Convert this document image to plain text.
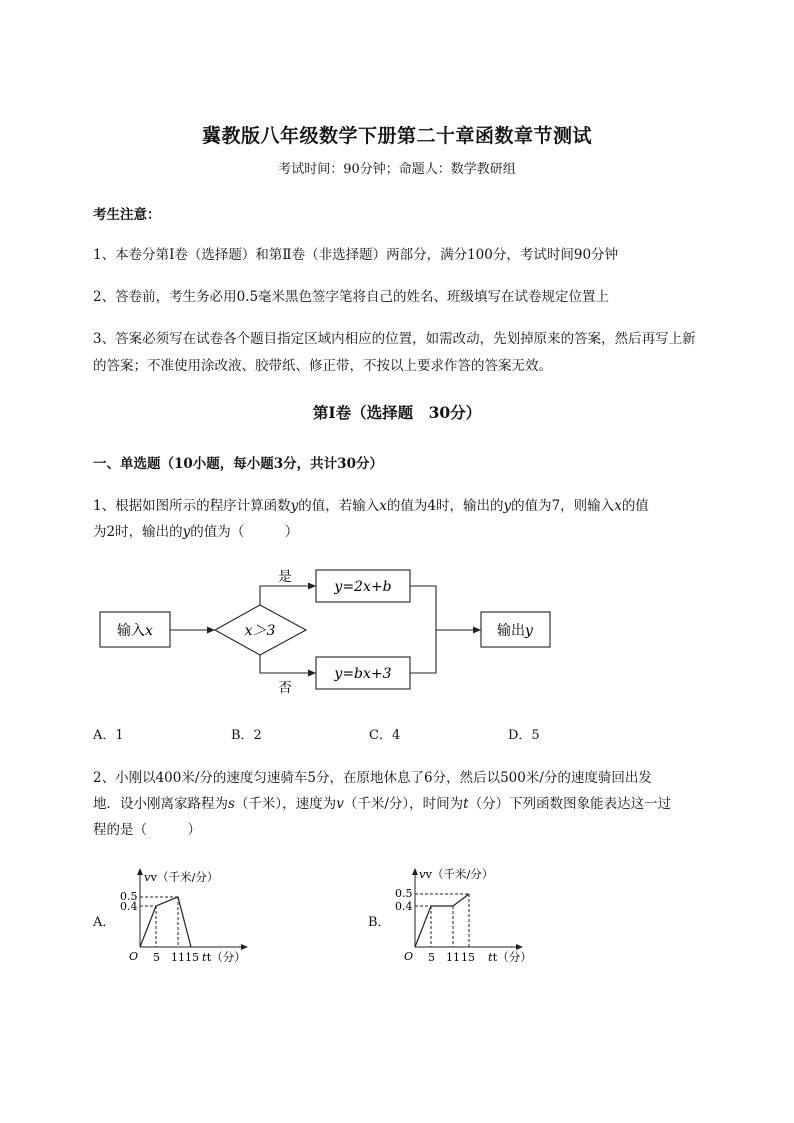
冀教版八年级数学下册第二十章函数章节测试
考试时间：90分钟；命题人：数学教研组
考生注意：
1、本卷分第I卷（选择题）和第Ⅱ卷（非选择题）两部分，满分100分，考试时间90分钟
2、答卷前，考生务必用0.5毫米黑色签字笔将自己的姓名、班级填写在试卷规定位置上
3、答案必须写在试卷各个题目指定区域内相应的位置，如需改动，先划掉原来的答案，然后再写上新
的答案；不准使用涂改液、胶带纸、修正带，不按以上要求作答的答案无效。
第I卷（选择题　30分）
一、单选题（10小题，每小题3分，共计30分）
1、根据如图所示的程序计算函数y的值，若输入x的值为4时，输出的y的值为7，则输入x的值
为2时，输出的y的值为（　　　）
输入x	x＞3
是
否
y=2x+b
y=bx+3
输出y
A．1	B．2	C．4	D．5
2、小刚以400米/分的速度匀速骑车5分，在原地休息了6分，然后以500米/分的速度骑回出发
地．设小刚离家路程为s（千米），速度为v（千米/分），时间为t（分）下列函数图象能表达这一过
程的是（　　　）
A．
vv（千米/分）
0.5
0.4
O 5 11 15 tt（分）
B．
vv（千米/分）
0.5
0.4
O 5 11 15 tt（分）
